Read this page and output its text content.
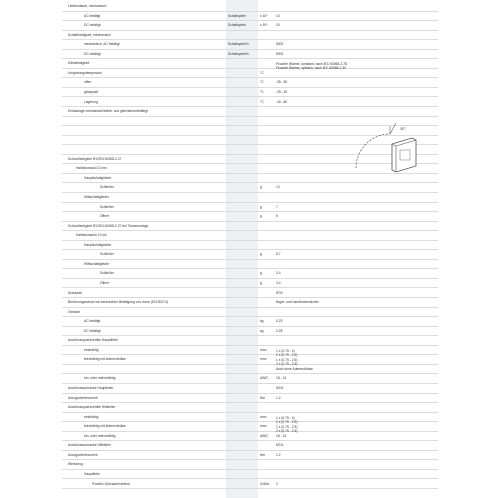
Lebensdauer, mechanisch
AC betätigt	Schaltspiele	x 10⁶	10
DC betätigt	Schaltspiele	x 10⁶	10
Schalthäufigkeit, mechanisch
mechanisch, AC betätigt	Schaltspiele/h	5000
DC betätigt	Schaltspiele/h	5000
Klimafestigkeit	Feuchte Wärme, konstant, nach IEC 60068-2-78
Feuchte Wärme, zyklisch, nach IEC 60068-2-30
Umgebungstemperatur	°C
offen	°C	-25...50
gekapselt	°C	-25...40
Lagerung	°C	-40...80
Einbaulage mechanisch/elektr. und gleichstrombetätigt
Schockfestigkeit IEC/EN 60068-2-27
Halbsinusstoß 10 ms
Hauptschaltglieder
Schließer	g	10
Hilfsschaltglieder
Schließer	g	7
Öffner	g	5
Schockfestigkeit IEC/EN 60068-2-27 bei Tischmontage
Halbsinusstoß 10 ms
Hauptschaltglieder
Schließer	g	5.7
Hilfsschaltglieder
Schließer	g	3.4
Öffner	g	3.4
Schutzart	IP20
Berührungsschutz bei senkrechter Betätigung von vorne (EN 50274)	finger- und handrückensicher
Gewicht
AC betätigt	kg	0.23
DC betätigt	kg	0.28
Anschlussquerschnitte Hauptleiter
eindrähtig	mm²	1 x (0.75 - 4)
2 x (0.75 - 2.5)
feindrähtig mit Aderendhülse	mm²	1 x (0.75 - 2.5)
2 x (0.75 - 2.5)
Auch ohne Aderendhülse
ein- oder mehrdrähtig	AWG	18 - 14
Anschlussschraube Hauptleiter	M3.5
Anzugsdrehmoment	Nm	1.2
Anschlussquerschnitte Hilfsleiter
eindrähtig	mm²	1 x (0.75 - 4)
2 x (0.75 - 2.5)
feindrähtig mit Aderendhülse	mm²	1 x (0.75 - 2.5)
2 x (0.75 - 2.5)
ein- oder mehrdrähtig	AWG	18 - 14
Anschlussschraube Hilfsleiter	M3.5
Anzugsdrehmoment	Nm	1.2
Werkzeug
Hauptleiter
Pozidriv-Schraubendreher	Größe	2
30°
